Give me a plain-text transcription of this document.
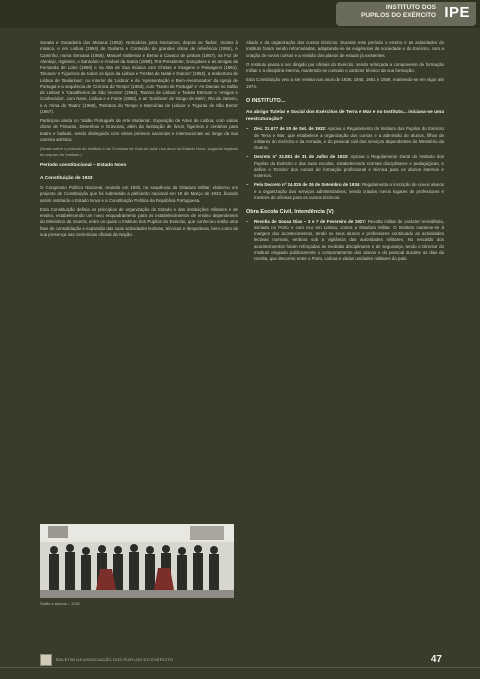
INSTITUTO DOS
PUPILOS DO EXÉRCITO IPE

Sonata e Ganadeira dos Museus (1952). Noticiários para Nocturnos, depois os 'fados', muitos à música, e em Lisboa (1954) de Guitarra e Conteúdo de grandes obras de referência (1955), A Caminho, numa Semana (1956), Manuel Valdemar e Bento a Cavaco de pintura (1957), na Foz de Alentejo, Ingleses, o Santuário e Amável da Santa (1958), Pra Presidente, Gonçalves e as amigas da Fernanda de Lobo (1959) e na Alta de Sua música com Cheias e Imagens e Paisagens (1961), 'Deuses' e Figurinos de todos os tipos da Lisboa e 'Festas de Natal e Outono' (1962), a reabertura de Lisboa de 'Bailarinas', no interior da 'Lisboa' e de 'Apresentação e Bem-Aventurados' da Igreja de Portugal e a sequência de 'Crónica do Tempo' (1963), com 'Teatro de Portugal' e 'As Damas no Salão de Lisboa' e 'Cavalheiros de São Vicente' (1964), 'Raízes de Lisboa' e 'Noites Eternas' e 'Amigos e Conhecidos', com Nave, Lisboa e a Fonte (1965), e as 'Sombras' de 'Diogo de Melo', Rio de Janeiro, e a 'Alma do Teatro' (1966), 'Retratos do Tempo e Memórias de Lisboa' e 'Figuras de São Bento' (1967).

Participou ainda no 'Salão Português de Arte Moderna', Exposição de Artes de Lisboa, com várias obras de Pinturas, Desenhos e Gravuras, além da ilustração de livros, figurinos e cenários para teatro e bailado, sendo distinguido com vários prémios nacionais e internacionais ao longo da sua carreira artística.

(Notas sobre o período do Instituto e as 'Crónicas de Sala de Aula' nos anos do Estado Novo, segundo registos do arquivo do Instituto.)

Período constitucional – Estado Novo
A Constituição de 1933

O Congresso Político Nacional, reunido em 1932, na sequência da Ditadura Militar, elaborou um projecto de Constituição que foi submetido a plebiscito nacional em 19 de Março de 1933, ficando assim instituído o Estado Novo e a Constituição Política da República Portuguesa.

Esta Constituição definia os princípios de organização do Estado e das instituições militares e de ensino, estabelecendo um novo enquadramento para os estabelecimentos de ensino dependentes do Ministério da Guerra, entre os quais o Instituto dos Pupilos do Exército, que conheceu então uma fase de consolidação e expansão das suas actividades lectivas, técnicas e desportivas, bem como da sua presença nas cerimónias oficiais da Nação.

Salão e Alunos – 1931

Aliado e da organização dos cursos técnicos. Durante este período o ensino e as actividades do Instituto foram sendo reformuladas, adaptando-se às exigências da sociedade e do Exército, com a criação de novos cursos e a revisão dos planos de estudo já existentes.

O Instituto passa a ser dirigido por oficiais do Exército, sendo reforçada a componente de formação militar e a disciplina interna, mantendo-se contudo o carácter técnico da sua formação.

Esta Constituição veio a ser revista nos anos de 1935, 1945, 1951 e 1959, mantendo-se em vigor até 1974.

O INSTITUTO...
Ao abrigo Tutelar e Social dos Exércitos de Terra e Mar e no Instituto... iniciava-se uma reestruturação?

– Dec. 21.677 de 20 de Set. de 1932: Aprova o Regulamento do Instituto dos Pupilos do Exército de Terra e Mar, que estabelece a organização dos cursos e a admissão de alunos, filhos de militares do Exército e da Armada, e do pessoal civil dos serviços dependentes do Ministério da Guerra.

– Decreto nº 22.881 de 31 de Julho de 1933: Aprova o Regulamento Geral do Instituto dos Pupilos do Exército e das suas escolas, estabelecendo normas disciplinares e pedagógicas, e define o 'Ensino' dos cursos de formação profissional e técnica para os alunos internos e externos.

– Pela Decreto nº 24.025 de 26 de Setembro de 1934: Regulamenta a inscrição de novos alunos e a organização dos serviços administrativos, sendo criados novos lugares de professores e mestres de oficinas para os cursos técnicos.

Obra Escola Civil, Intendência (V)

– Revolta de Sousa Dias – 3 e 7 de Fevereiro de 1927: Revolta militar de carácter reviralhista, iniciada no Porto e com eco em Lisboa, contra a Ditadura Militar. O Instituto manteve-se à margem dos acontecimentos, tendo os seus alunos e professores continuado as actividades lectivas normais, embora sob a vigilância das autoridades militares. No rescaldo dos acontecimentos foram reforçadas as medidas disciplinares e de segurança, tendo o Director do Instituto elogiado publicamente o comportamento dos alunos e do pessoal durante os dias da revolta, que decorreu entre o Porto, Lisboa e várias unidades militares do país.

BOLETIM DA ASSOCIAÇÃO DOS PUPILOS DO EXÉRCITO	47
